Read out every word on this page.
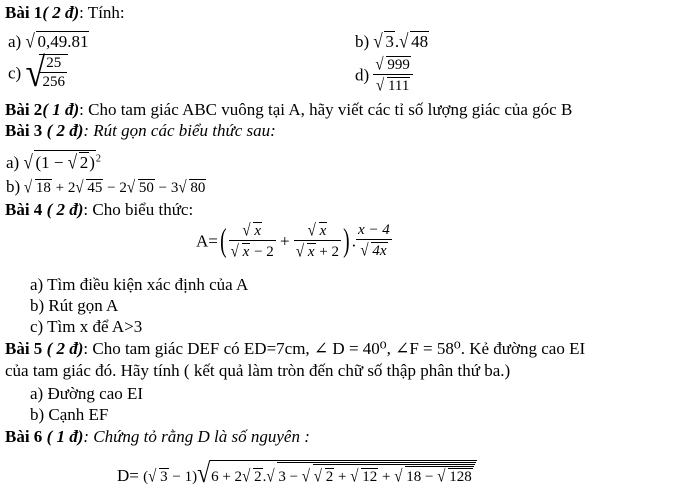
Bài 1( 2 đ): Tính:
a) √ 0,49.81	b) √ 3. √ 48
c) √
$\frac{25}{256}$	$d) \frac{√ 999}{√ 111}$
Bài 2( 1 đ): Cho tam giác ABC vuông tại A, hãy viết các tỉ số lượng giác của góc B
Bài 3 ( 2 đ): Rút gọn các biểu thức sau:
a) √ (1 − √ 2)$^2$
b) √ 18 + 2 √ 45 − 2 √ 50 − 3 √ 80
Bài 4 ( 2 đ): Cho biểu thức:
$A=( \frac{√ x}{√ x - 2} + \frac{√ x}{√ x + 2}$ ) . $\frac{x - 4}{√ 4x}$
a) Tìm điều kiện xác định của A
b) Rút gọn A
c) Tìm x để A>3
Bài 5 ( 2 đ): Cho tam giác DEF có ED=7cm, ∠ D = 40⁰, ∠F = 58⁰. Kẻ đường cao EI
của tam giác đó. Hãy tính ( kết quả làm tròn đến chữ số thập phân thứ ba.)
a) Đường cao EI
b) Cạnh EF
Bài 6 ( 1 đ): Chứng tỏ rằng D là số nguyên :
D= ( √ 3 − 1) √ 6 + 2 √ 2. √ 3 − √ √ 2 + √ 12 + √ 18 − √ 128
